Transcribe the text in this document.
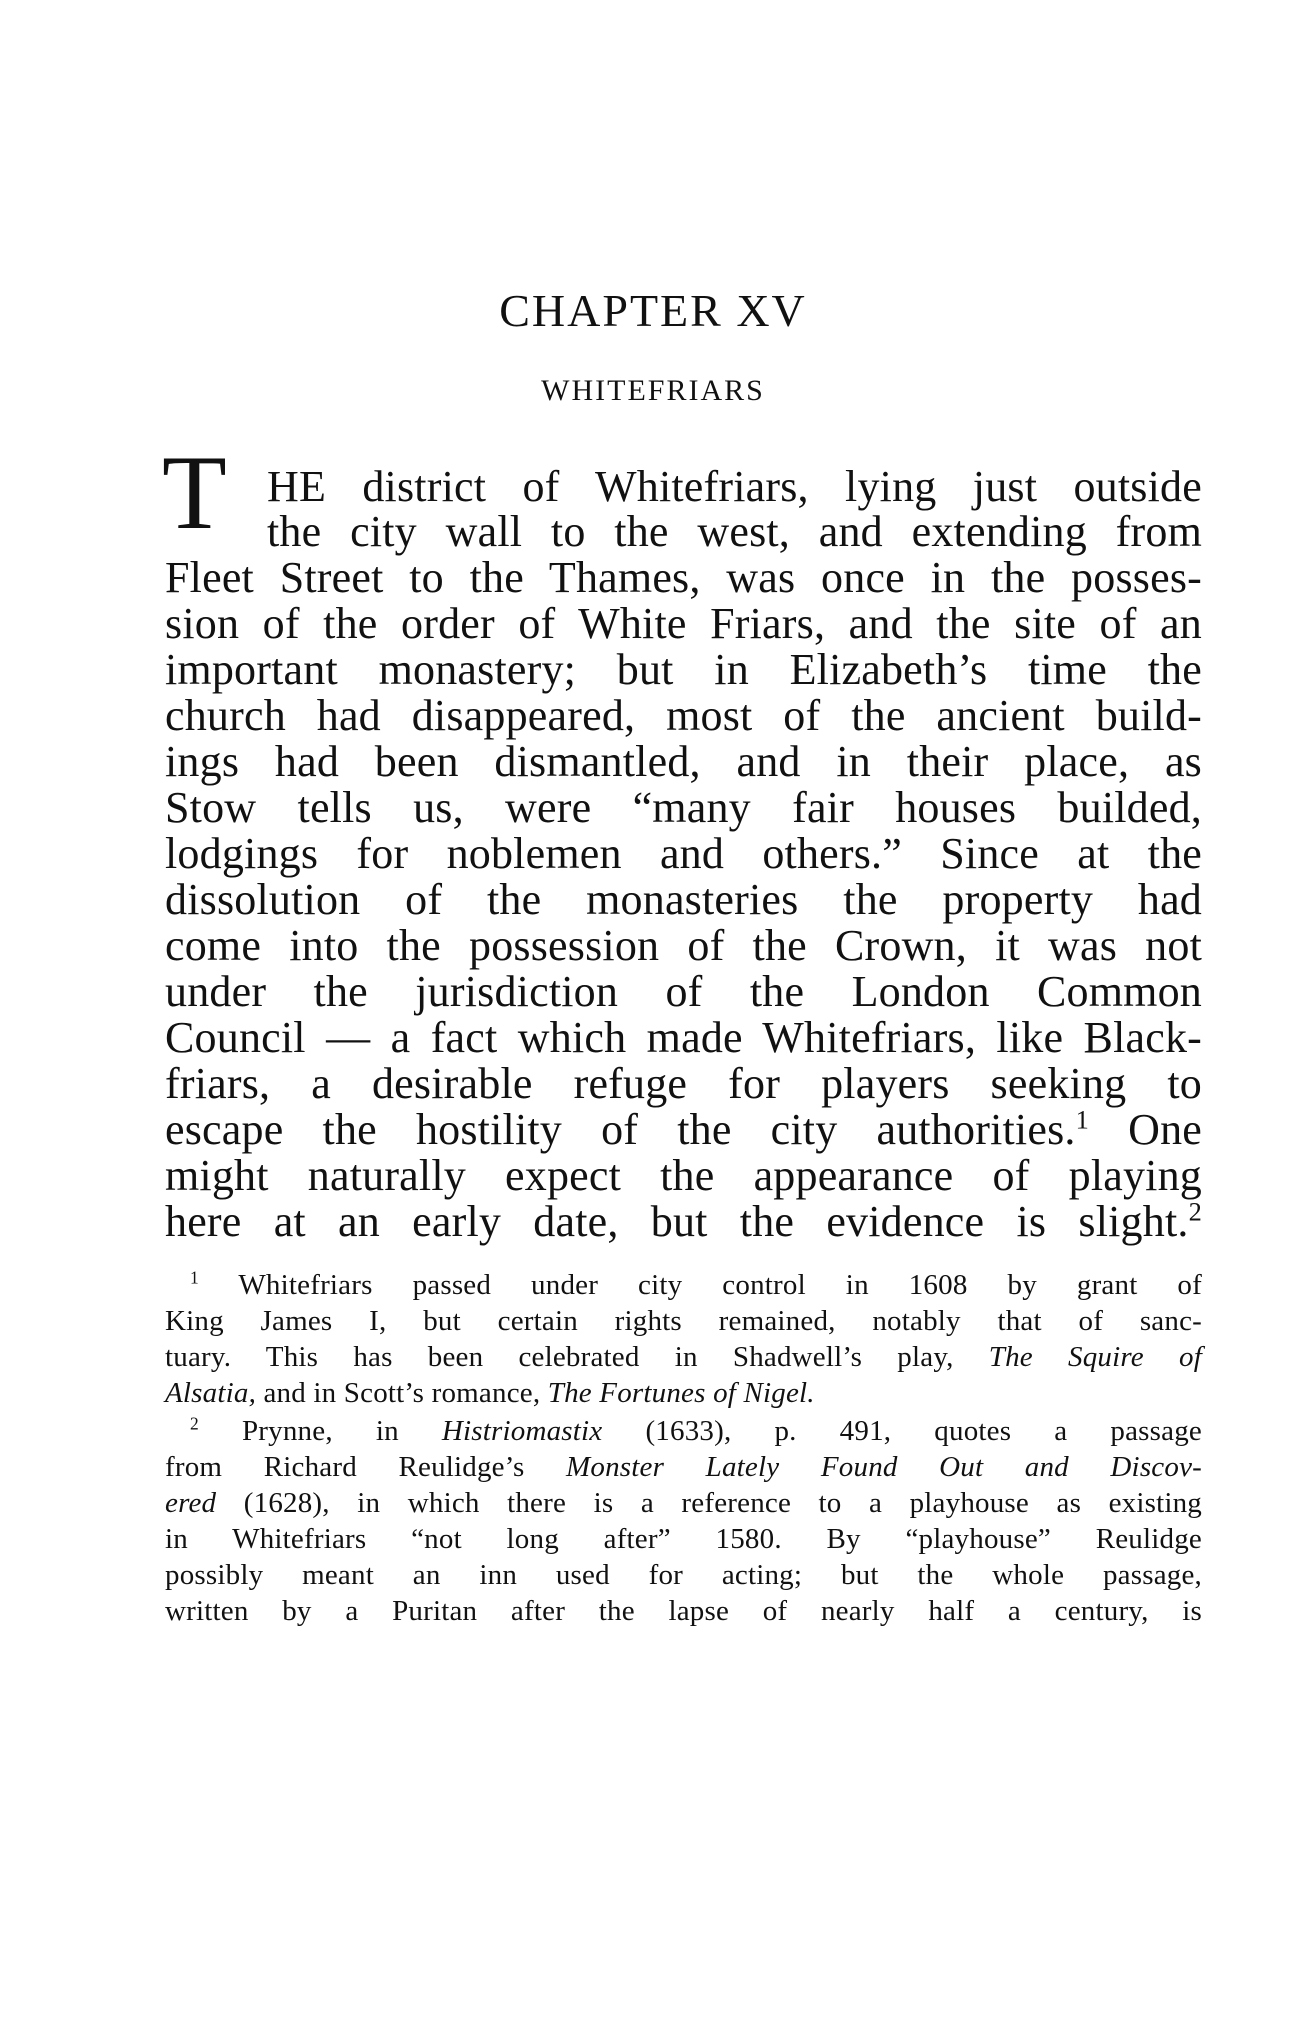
CHAPTER XV
WHITEFRIARS
T HE district of Whitefriars, lying just outside

the city wall to the west, and extending from

Fleet Street to the Thames, was once in the posses-

sion of the order of White Friars, and the site of an

important monastery; but in Elizabeth’s time the

church had disappeared, most of the ancient build-

ings had been dismantled, and in their place, as

Stow tells us, were “many fair houses builded,

lodgings for noblemen and others.” Since at the

dissolution of the monasteries the property had

come into the possession of the Crown, it was not

under the jurisdiction of the London Common

Council — a fact which made Whitefriars, like Black-

friars, a desirable refuge for players seeking to

escape the hostility of the city authorities.$^1$ One

might naturally expect the appearance of playing

here at an early date, but the evidence is slight.$^2$

$^1$ Whitefriars passed under city control in 1608 by grant of

King James I, but certain rights remained, notably that of sanc-

tuary. This has been celebrated in Shadwell’s play, The Squire of

Alsatia, and in Scott’s romance, The Fortunes of Nigel.

$^2$ Prynne, in Histriomastix (1633), p. 491, quotes a passage

from Richard Reulidge’s Monster Lately Found Out and Discov-

ered (1628), in which there is a reference to a playhouse as existing

in Whitefriars “not long after” 1580. By “playhouse” Reulidge

possibly meant an inn used for acting; but the whole passage,

written by a Puritan after the lapse of nearly half a century, is
